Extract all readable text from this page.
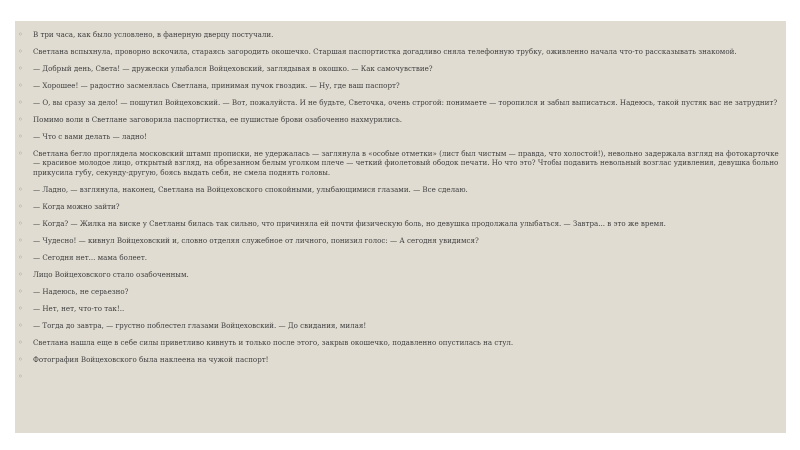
◦ В три часа, как было условлено, в фанерную дверцу постучали.
◦ Светлана вспыхнула, проворно вскочила, стараясь загородить окошечко. Старшая паспортистка догадливо сняла телефонную трубку, оживленно начала что-то рассказывать знакомой.
◦ — Добрый день, Света! — дружески улыбался Войцеховский, заглядывая в окошко. — Как самочувствие?
◦ — Хорошее! — радостно засмеялась Светлана, принимая пучок гвоздик. — Ну, где ваш паспорт?
◦ — О, вы сразу за дело! — пошутил Войцеховский. — Вот, пожалуйста. И не будьте, Светочка, очень строгой: понимаете — торопился и забыл выписаться. Надеюсь, такой пустяк вас не затруднит?
◦ Помимо воли в Светлане заговорила паспортистка, ее пушистые брови озабоченно нахмурились.
◦ — Что с вами делать — ладно!
◦ Светлана бегло проглядела московский штамп прописки, не удержалась — заглянула в «особые отметки» (лист был чистым — правда, что холостой!), невольно задержала взгляд на фотокарточке — красивое молодое лицо, открытый взгляд, на обрезанном белым уголком плече — четкий фиолетовый ободок печати. Но что это? Чтобы подавить невольный возглас удивления, девушка больно прикусила губу, секунду-другую, боясь выдать себя, не смела поднять головы.
◦ — Ладно, — взглянула, наконец, Светлана на Войцеховского спокойными, улыбающимися глазами. — Все сделаю.
◦ — Когда можно зайти?
◦ — Когда? — Жилка на виске у Светланы билась так сильно, что причиняла ей почти физическую боль, но девушка продолжала улыбаться. — Завтра... в это же время.
◦ — Чудесно! — кивнул Войцеховский и, словно отделяя служебное от личного, понизил голос: — А сегодня увидимся?
◦ — Сегодня нет... мама болеет.
◦ Лицо Войцеховского стало озабоченным.
◦ — Надеюсь, не серьезно?
◦ — Нет, нет, что-то так!..
◦ — Тогда до завтра, — грустно поблестел глазами Войцеховский. — До свидания, милая!
◦ Светлана нашла еще в себе силы приветливо кивнуть и только после этого, закрыв окошечко, подавленно опустилась на стул.
◦ Фотография Войцеховского была наклеена на чужой паспорт!
◦
